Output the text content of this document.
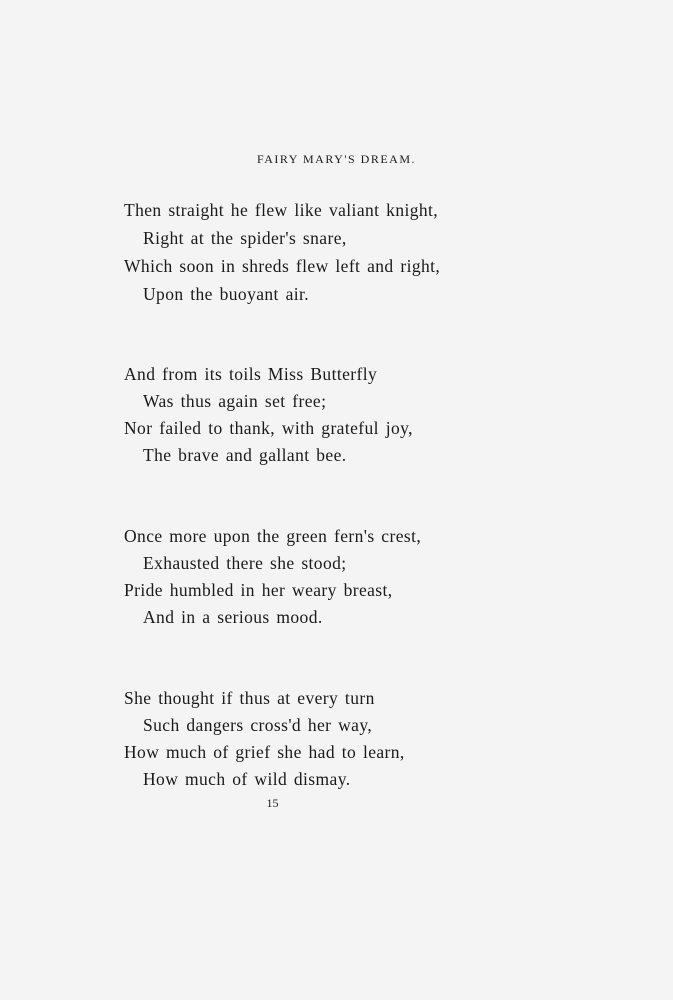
FAIRY MARY'S DREAM.
Then straight he flew like valiant knight,
Right at the spider's snare,
Which soon in shreds flew left and right,
Upon the buoyant air.
And from its toils Miss Butterfly
Was thus again set free;
Nor failed to thank, with grateful joy,
The brave and gallant bee.
Once more upon the green fern's crest,
Exhausted there she stood;
Pride humbled in her weary breast,
And in a serious mood.
She thought if thus at every turn
Such dangers cross'd her way,
How much of grief she had to learn,
How much of wild dismay.
15
